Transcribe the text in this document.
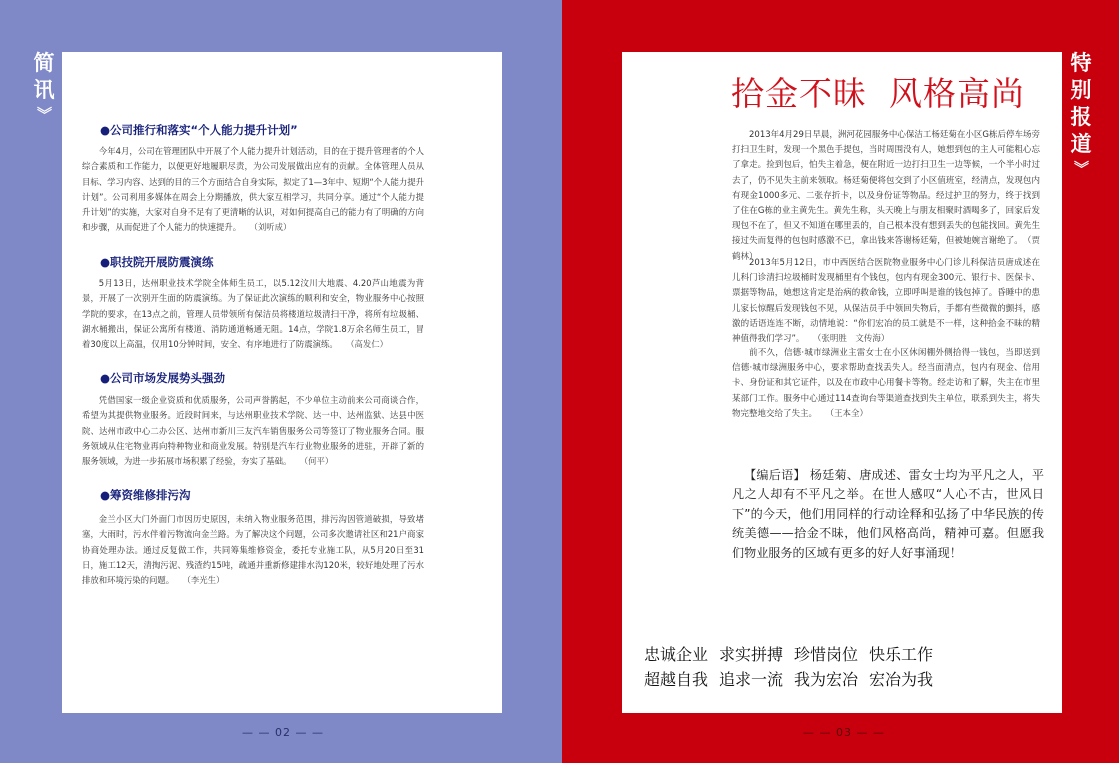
简
讯
》
●公司推行和落实“个人能力提升计划”

今年4月，公司在管理团队中开展了个人能力提升计划活动，目的在于提升管理者的个人综合素质和工作能力，以便更好地履职尽责，为公司发展做出应有的贡献。全体管理人员从目标、学习内容、达到的目的三个方面结合自身实际，拟定了1—3年中、短期“个人能力提升计划”。公司利用多媒体在周会上分期播放，供大家互相学习，共同分享。通过“个人能力提升计划”的实施，大家对自身不足有了更清晰的认识，对如何提高自己的能力有了明确的方向和步骤，从而促进了个人能力的快速提升。　　 （刘听成）

●职技院开展防震演练

5月13日，达州职业技术学院全体师生员工，以5.12汶川大地震、4.20芦山地震为背景，开展了一次别开生面的防震演练。为了保证此次演练的顺利和安全，物业服务中心按照学院的要求，在13点之前，管理人员带领所有保洁员将楼道垃圾清扫干净，将所有垃圾桶、湖水桶搬出，保证公寓所有楼道、消防通道畅通无阻。14点，学院1.8万余名师生员工，冒着30度以上高温，仅用10分钟时间，安全、有序地进行了防震演练。　　 （高发仁）

●公司市场发展势头强劲

凭借国家一级企业资质和优质服务，公司声誉鹊起，不少单位主动前来公司商谈合作，希望为其提供物业服务。近段时间来，与达州职业技术学院、达一中、达州监狱、达县中医院、达州市政中心二办公区、达州市新川三友汽车销售服务公司等签订了物业服务合同。服务领域从住宅物业再向特种物业和商业发展。特别是汽车行业物业服务的进驻，开辟了新的服务领域，为进一步拓展市场积累了经验，夯实了基础。　　 （何平）

●筹资维修排污沟

金兰小区大门外面门市因历史原因，未纳入物业服务范围，排污沟因管道破损，导致堵塞，大雨时，污水伴着污物流向金兰路。为了解决这个问题，公司多次邀请社区和21户商家协商处理办法。通过反复做工作，共同筹集维修资金，委托专业施工队，从5月20日至31日，施工12天，清掏污泥、残渣约15吨，疏通并重新修建排水沟120米，较好地处理了污水排放和环境污染的问题。　　 （李光生）

— — 02 — —
特
别
报
道
》
拾金不昧 风格高尚

2013年4月29日早晨，洲河花园服务中心保洁工杨廷菊在小区G栋后停车场旁打扫卫生时，发现一个黑色手提包，当时周围没有人，她想到包的主人可能粗心忘了拿走。捡到包后，怕失主着急，便在附近一边打扫卫生一边等候，一个半小时过去了，仍不见失主前来领取。杨廷菊便将包交到了小区值班室，经清点，发现包内有现金1000多元、二张存折卡，以及身份证等物品。经过护卫的努力，终于找到了住在G栋的业主黄先生。黄先生称，头天晚上与朋友相聚时酒喝多了，回家后发现包不在了，但又不知道在哪里丢的，自己根本没有想到丢失的包能找回。黄先生接过失而复得的包包时感激不已，拿出钱来答谢杨廷菊，但被她婉言谢绝了。　 （贾鹤林）

2013年5月12日，市中西医结合医院物业服务中心门诊儿科保洁员唐成述在儿科门诊清扫垃圾桶时发现桶里有个钱包，包内有现金300元、银行卡、医保卡、票据等物品，她想这肯定是治病的救命钱，立即呼叫是谁的钱包掉了。昏睡中的患儿家长惊醒后发现钱包不见，从保洁员手中领回失物后，手都有些微微的颤抖，感激的话语连连不断，动情地说：“你们宏冶的员工就是不一样，这种拾金不昧的精神值得我们学习”。　　 （张明胜　文传海）

前不久，信德·城市绿洲业主雷女士在小区休闲棚外侧拾得一钱包，当即送到信德·城市绿洲服务中心，要求帮助查找丢失人。经当面清点，包内有现金、信用卡、身份证和其它证件，以及在市政中心用餐卡等物。经走访和了解，失主在市里某部门工作。服务中心通过114查询台等渠道查找到失主单位，联系到失主，将失物完整地交给了失主。　　 （王本全）

【编后语】 杨廷菊、唐成述、雷女士均为平凡之人，平凡之人却有不平凡之举。在世人感叹“人心不古，世风日下”的今天，他们用同样的行动诠释和弘扬了中华民族的传统美德——拾金不昧，他们风格高尚，精神可嘉。但愿我们物业服务的区域有更多的好人好事涌现！

忠诚企业 求实拼搏 珍惜岗位 快乐工作
超越自我 追求一流 我为宏冶 宏冶为我
— — 03 — —
